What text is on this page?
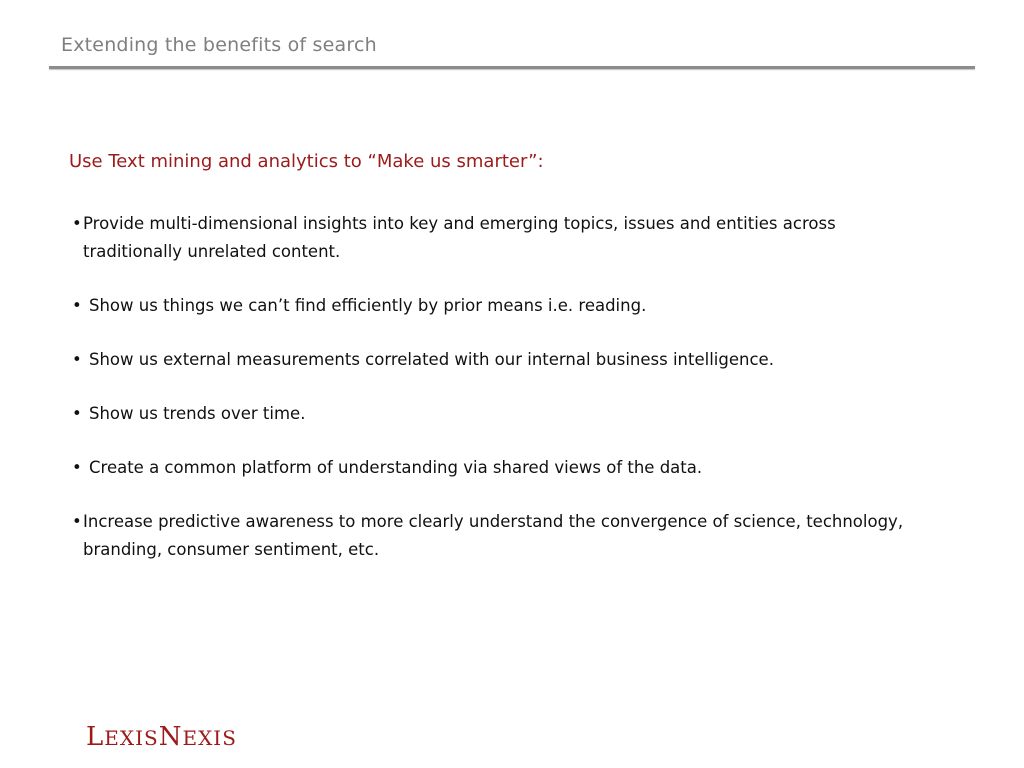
Extending the benefits of search
Use Text mining and analytics to “Make us smarter”:
• Provide multi-dimensional insights into key and emerging topics, issues and entities across traditionally unrelated content.
• Show us things we can’t find efficiently by prior means i.e. reading.
• Show us external measurements correlated with our internal business intelligence.
• Show us trends over time.
• Create a common platform of understanding via shared views of the data.
• Increase predictive awareness to more clearly understand the convergence of science, technology, branding, consumer sentiment, etc.
LEXISNEXIS
